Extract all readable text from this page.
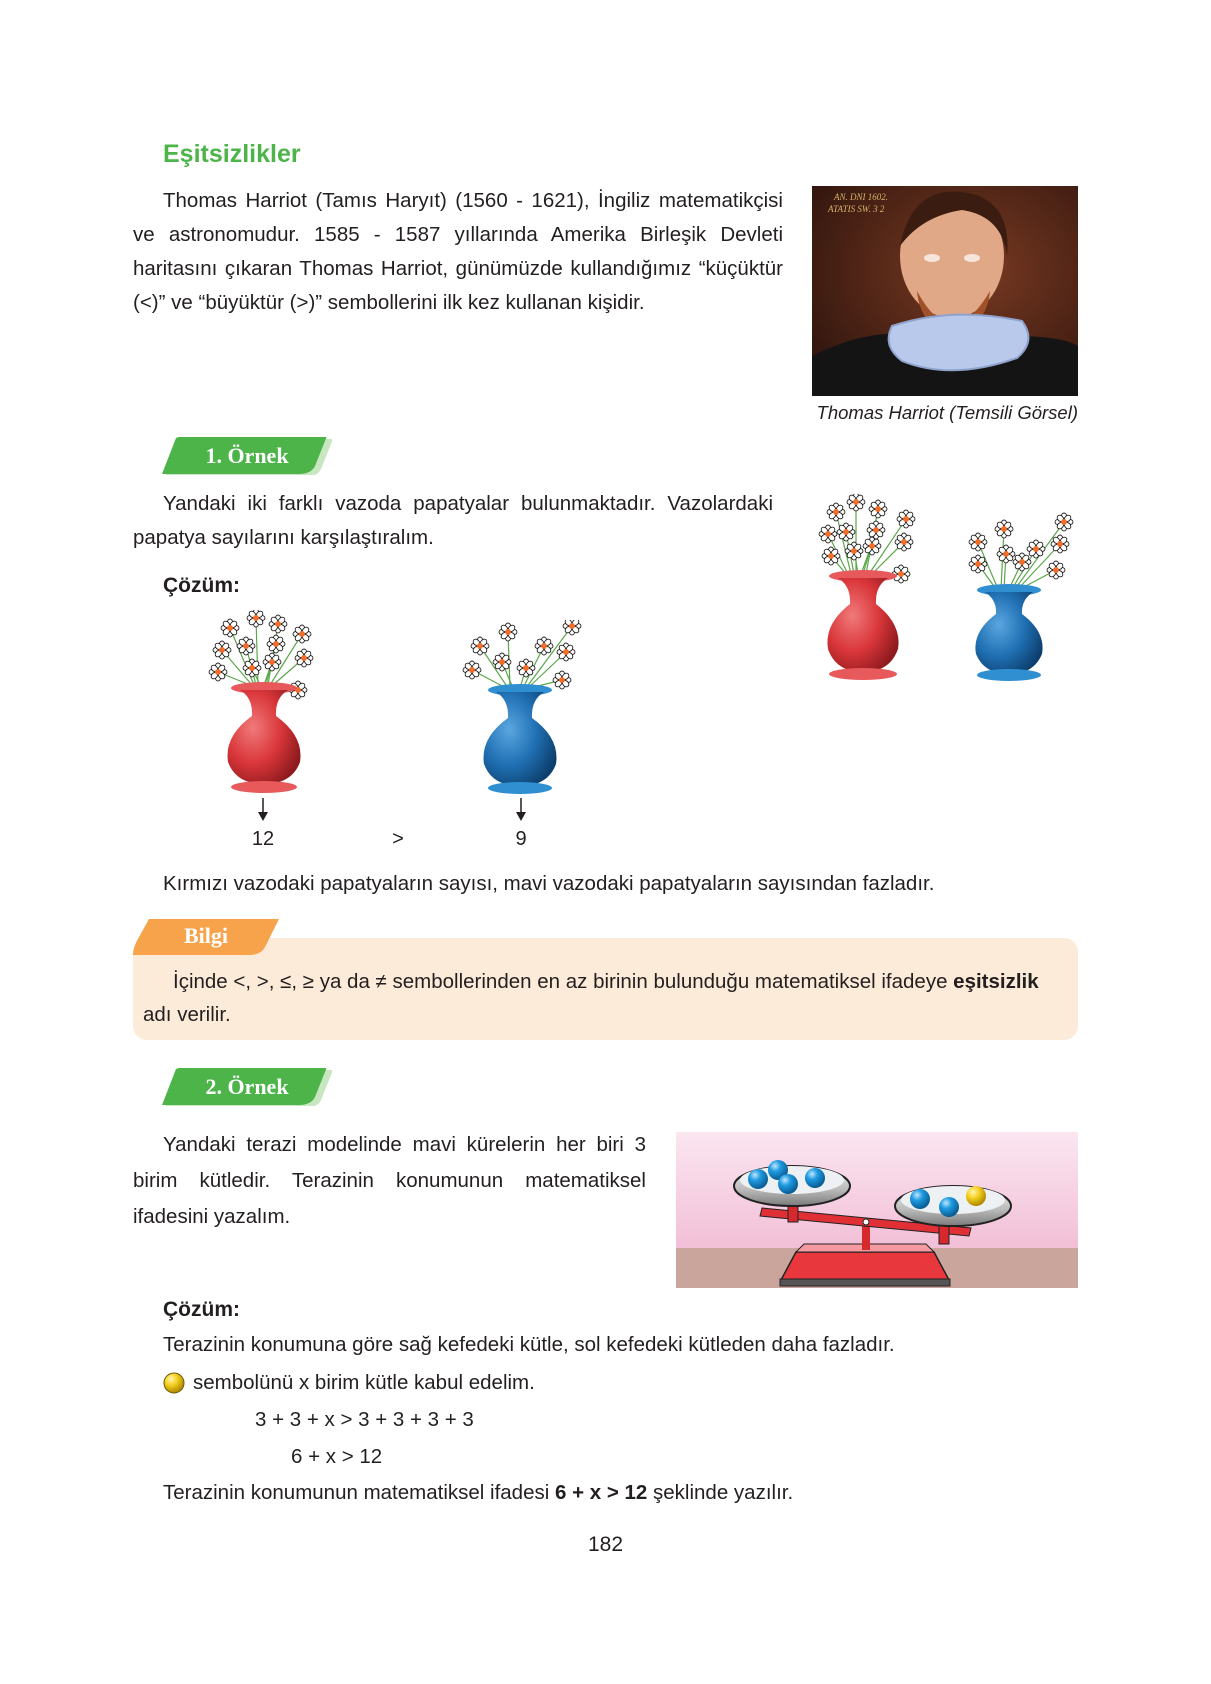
Eşitsizlikler

Thomas Harriot (Tamıs Haryıt) (1560 - 1621), İngiliz matematikçisi ve astronomudur. 1585 - 1587 yıllarında Amerika Birleşik Devleti haritasını çıkaran Thomas Harriot, günümüzde kullandığımız “küçüktür (<)” ve “büyüktür (>)” sembollerini ilk kez kullanan kişidir.

AN. DNI 1602.
ATATIS SW. 3 2
Thomas Harriot (Temsili Görsel)
1. Örnek

Yandaki iki farklı vazoda papatyalar bulunmaktadır. Vazolardaki papatya sayılarını karşılaştıralım.

Çözüm:
12	>	9
Kırmızı vazodaki papatyaların sayısı, mavi vazodaki papatyaların sayısından fazladır.
Bilgi
İçinde <, >, ≤, ≥ ya da ≠ sembollerinden en az birinin bulunduğu matematiksel ifadeye eşitsizlik adı verilir.
2. Örnek

Yandaki terazi modelinde mavi kürelerin her biri 3 birim kütledir. Terazinin konumunun matematiksel ifadesini yazalım.

Çözüm:
Terazinin konumuna göre sağ kefedeki kütle, sol kefedeki kütleden daha fazladır.
sembolünü x birim kütle kabul edelim.
3 + 3 + x > 3 + 3 + 3 + 3
6 + x > 12
Terazinin konumunun matematiksel ifadesi 6 + x > 12 şeklinde yazılır.
182
